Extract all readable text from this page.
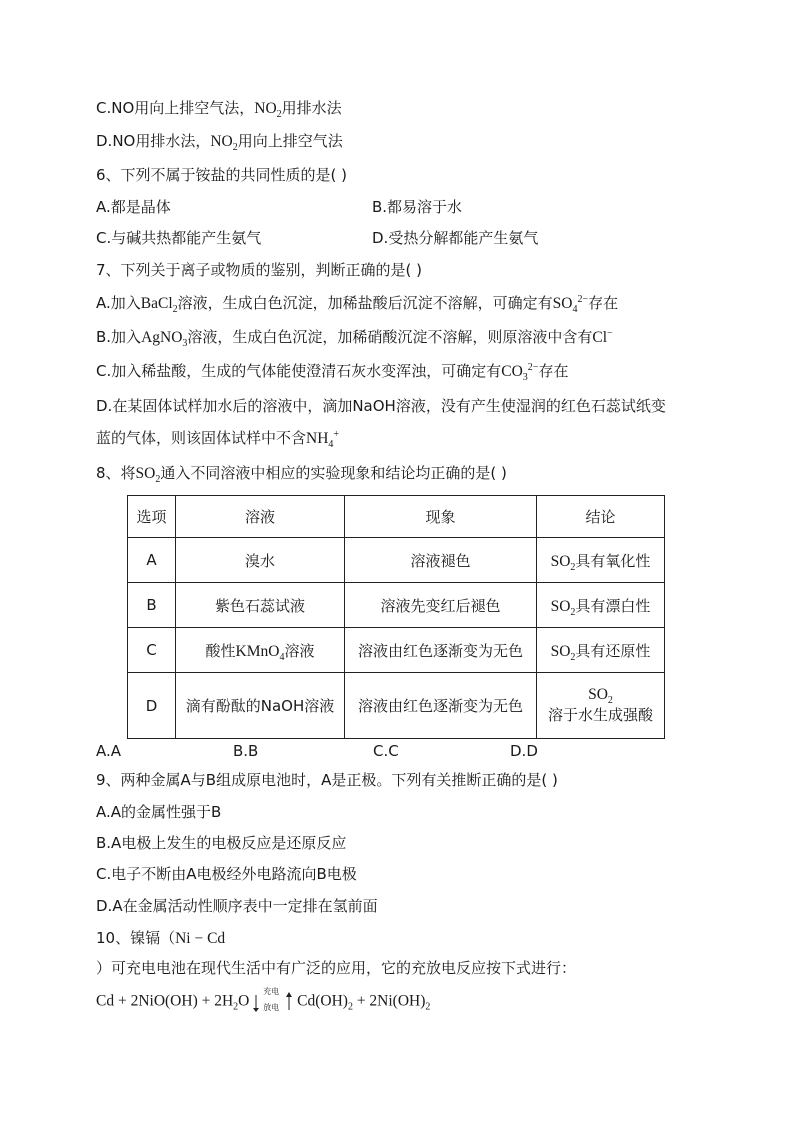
C.NO用向上排空气法，$NO_2$用排水法
D.NO用排水法，$NO_2$用向上排空气法
6、下列不属于铵盐的共同性质的是( )
A.都是晶体	B.都易溶于水
C.与碱共热都能产生氨气	D.受热分解都能产生氨气
7、下列关于离子或物质的鉴别，判断正确的是( )
A.加入BaCl$_2$溶液，生成白色沉淀，加稀盐酸后沉淀不溶解，可确定有$SO_4^{2-}$存在
B.加入AgNO$_3$溶液，生成白色沉淀，加稀硝酸沉淀不溶解，则原溶液中含有Cl−
C.加入稀盐酸，生成的气体能使澄清石灰水变浑浊，可确定有$CO_3^{2-}$存在
D.在某固体试样加水后的溶液中，滴加NaOH溶液，没有产生使湿润的红色石蕊试纸变
蓝的气体，则该固体试样中不含$NH_4^+$
8、将$SO_2$通入不同溶液中相应的实验现象和结论均正确的是( )
选项	溶液	现象	结论
A	溴水	溶液褪色	$SO_2$具有氧化性
B	紫色石蕊试液	溶液先变红后褪色	$SO_2$具有漂白性
C	酸性KMnO$_4$溶液	溶液由红色逐渐变为无色	$SO_2$具有还原性
D	滴有酚酞的NaOH溶液	溶液由红色逐渐变为无色	$SO_2$
溶于水生成强酸
A.A	B.B	C.C	D.D
9、两种金属A与B组成原电池时，A是正极。下列有关推断正确的是( )
A.A的金属性强于B
B.A电极上发生的电极反应是还原反应
C.电子不断由A电极经外电路流向B电极
D.A在金属活动性顺序表中一定排在氢前面
10、镍镉（Ni − Cd
）可充电电池在现代生活中有广泛的应用，它的充放电反应按下式进行：
$Cd + 2NiO(OH) + 2H_2O$
充电
放电 $Cd(OH)_2 + 2Ni(OH)_2$
